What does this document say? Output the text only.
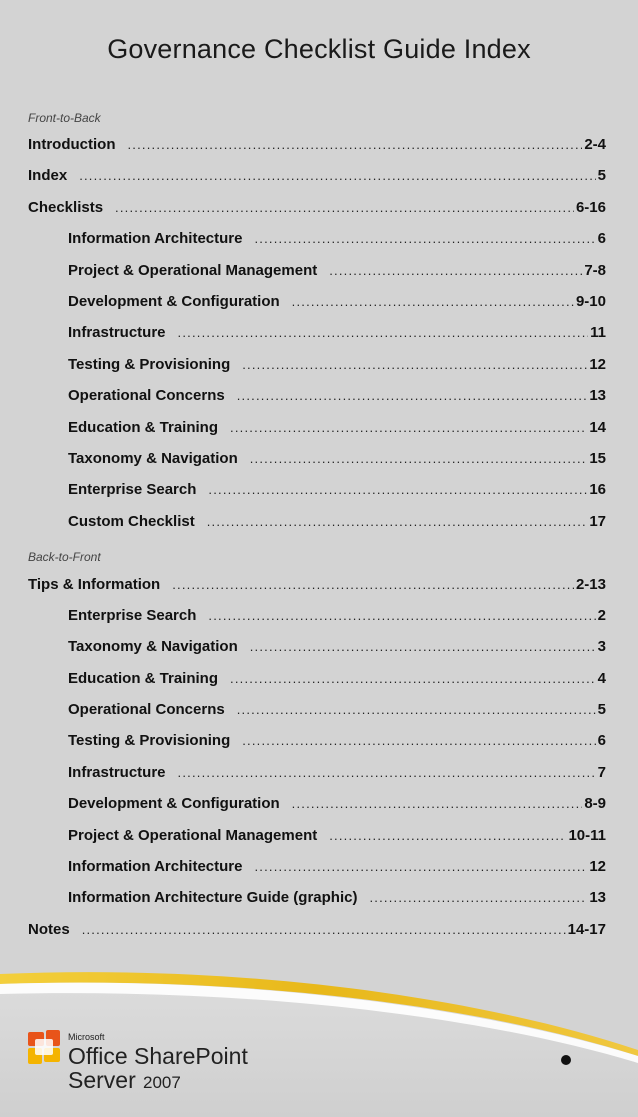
Governance Checklist Guide Index
Front-to-Back
Introduction .....	2-4
Index .....	5
Checklists .....	6-16
Information Architecture .....	6
Project & Operational Management .....	7-8
Development & Configuration .....	9-10
Infrastructure .....	11
Testing & Provisioning .....	12
Operational Concerns .....	13
Education & Training .....	14
Taxonomy & Navigation .....	15
Enterprise Search .....	16
Custom Checklist .....	17
Back-to-Front
Tips & Information .....	2-13
Enterprise Search .....	2
Taxonomy & Navigation .....	3
Education & Training .....	4
Operational Concerns .....	5
Testing & Provisioning .....	6
Infrastructure .....	7
Development & Configuration .....	8-9
Project & Operational Management .....	10-11
Information Architecture .....	12
Information Architecture Guide (graphic) .....	13
Notes .....	14-17
Microsoft
Office SharePoint
Server 2007
